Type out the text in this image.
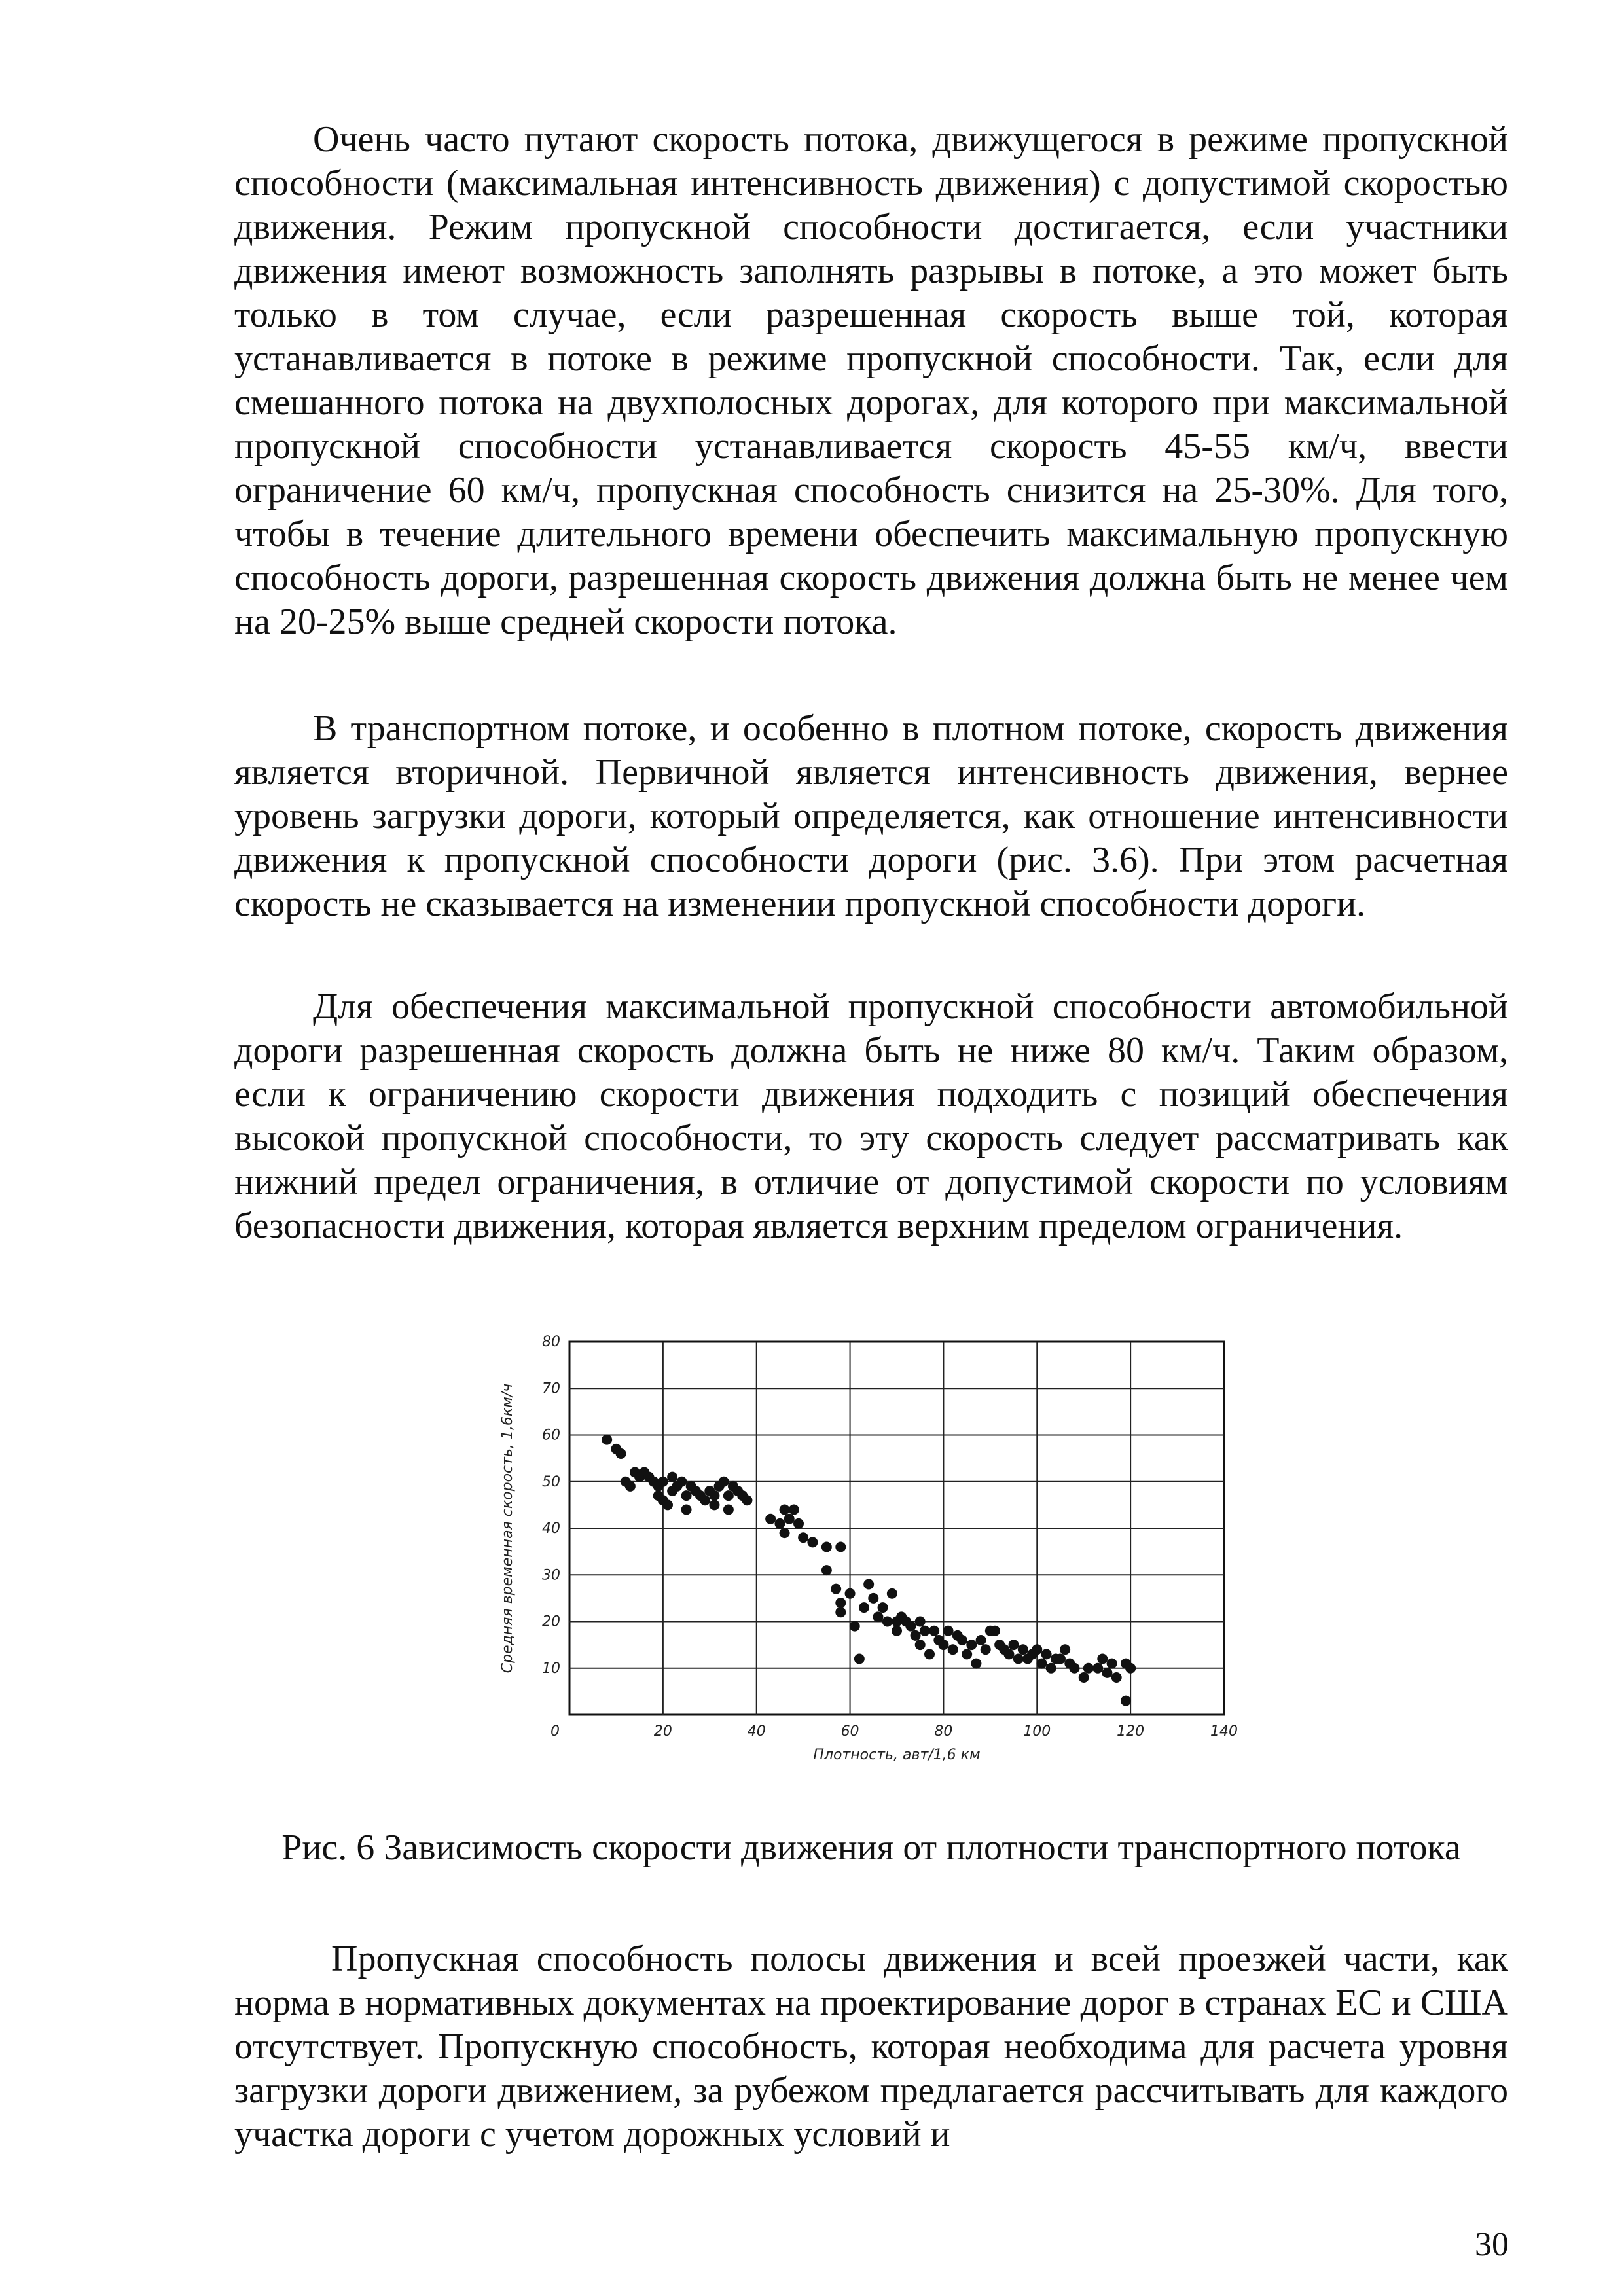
Очень часто путают скорость потока, движущегося в режиме пропускной способности (максимальная интенсивность движения) с допустимой скоростью движения. Режим пропускной способности достигается, если участники движения имеют возможность заполнять разрывы в потоке, а это может быть только в том случае, если разрешенная скорость выше той, которая устанавливается в потоке в режиме пропускной способности. Так, если для смешанного потока на двухполосных дорогах, для которого при максимальной пропускной способности устанавливается скорость 45-55 км/ч, ввести ограничение 60 км/ч, пропускная способность снизится на 25-30%. Для того, чтобы в течение длительного времени обеспечить максимальную пропускную способность дороги, разрешенная скорость движения должна быть не менее чем на 20-25% выше средней скорости потока.

В транспортном потоке, и особенно в плотном потоке, скорость движения является вторичной. Первичной является интенсивность движения, вернее уровень загрузки дороги, который определяется, как отношение интенсивности движения к пропускной способности дороги (рис. 3.6). При этом расчетная скорость не сказывается на изменении пропускной способности дороги.

Для обеспечения максимальной пропускной способности автомобильной дороги разрешенная скорость должна быть не ниже 80 км/ч. Таким образом, если к ограничению скорости движения подходить с позиций обеспечения высокой пропускной способности, то эту скорость следует рассматривать как нижний предел ограничения, в отличие от допустимой скорости по условиям безопасности движения, которая является верхним пределом ограничения.

0	20	40	60	80	100	120	140
10
20
30
40
50
60
70
80
Плотность, авт/1,6 км
Средняя временная скорость, 1,6км/ч

Рис. 6 Зависимость скорости движения от плотности транспортного потока

Пропускная способность полосы движения и всей проезжей части, как норма в нормативных документах на проектирование дорог в странах ЕС и США отсутствует. Пропускную способность, которая необходима для расчета уровня загрузки дороги движением, за рубежом предлагается рассчитывать для каждого участка дороги с учетом дорожных условий и

30
